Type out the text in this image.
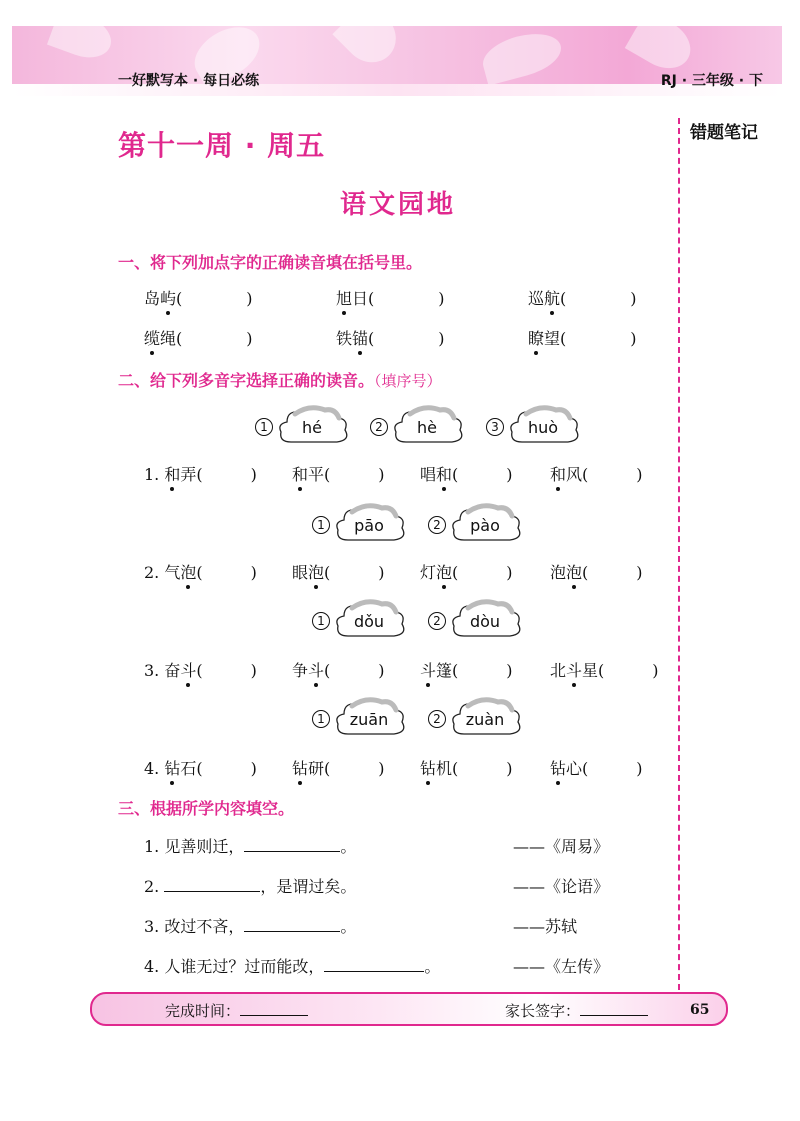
一好默写本 · 每日必练	RJ · 三年级 · 下
错题笔记
第十一周 · 周五
语文园地
一、将下列加点字的正确读音填在括号里。
岛屿(　　　　)	旭日(　　　　)	巡航(　　　　)
缆绳(　　　　)	铁锚(　　　　)	瞭望(　　　　)
二、给下列多音字选择正确的读音。（填序号）
1	hé	2	hè	3	huò
1. 和弄(　　　) 和平(　　　) 唱和(　　　) 和风(　　　)
1	pāo	2	pào
2. 气泡(　　　) 眼泡(　　　) 灯泡(　　　) 泡泡(　　　)
1	dǒu	2	dòu
3. 奋斗(　　　) 争斗(　　　) 斗篷(　　　) 北斗星(　　　)
1	zuān	2	zuàn
4. 钻石(　　　) 钻研(　　　) 钻机(　　　) 钻心(　　　)
三、根据所学内容填空。
1. 见善则迁，	。	——《周易》
2.	，是谓过矣。	——《论语》
3. 改过不吝，	。	——苏轼
4. 人谁无过？过而能改，	。	——《左传》
完成时间：	家长签字：	65
